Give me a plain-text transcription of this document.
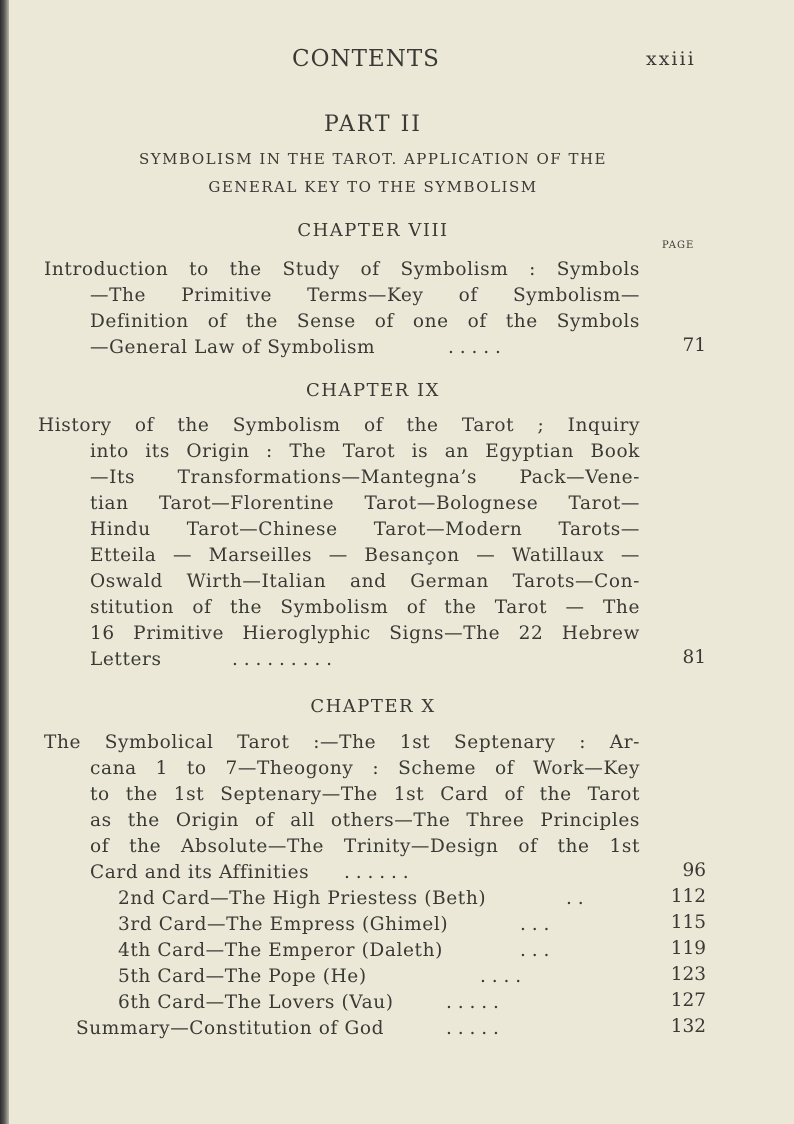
CONTENTS	xxiii
PART II
SYMBOLISM IN THE TAROT. APPLICATION OF THE
GENERAL KEY TO THE SYMBOLISM
CHAPTER VIII
PAGE
Introduction to the Study of Symbolism : Symbols
—The Primitive Terms—Key of Symbolism—
Definition of the Sense of one of the Symbols
—General Law of Symbolism	. . . . .	71
CHAPTER IX
History of the Symbolism of the Tarot ; Inquiry
into its Origin : The Tarot is an Egyptian Book
—Its Transformations—Mantegna’s Pack—Vene-
tian Tarot—Florentine Tarot—Bolognese Tarot—
Hindu Tarot—Chinese Tarot—Modern Tarots—
Etteila — Marseilles — Besançon — Watillaux —
Oswald Wirth—Italian and German Tarots—Con-
stitution of the Symbolism of the Tarot — The
16 Primitive Hieroglyphic Signs—The 22 Hebrew
Letters	. . . . . . . . .	81
CHAPTER X
The Symbolical Tarot :—The 1st Septenary : Ar-
cana 1 to 7—Theogony : Scheme of Work—Key
to the 1st Septenary—The 1st Card of the Tarot
as the Origin of all others—The Three Principles
of the Absolute—The Trinity—Design of the 1st
Card and its Affinities . . . . . .	96
2nd Card—The High Priestess (Beth)	. .	112
3rd Card—The Empress (Ghimel)	. . .	115
4th Card—The Emperor (Daleth)	. . .	119
5th Card—The Pope (He)	. . . .	123
6th Card—The Lovers (Vau)	. . . . .	127
Summary—Constitution of God	. . . . .	132
